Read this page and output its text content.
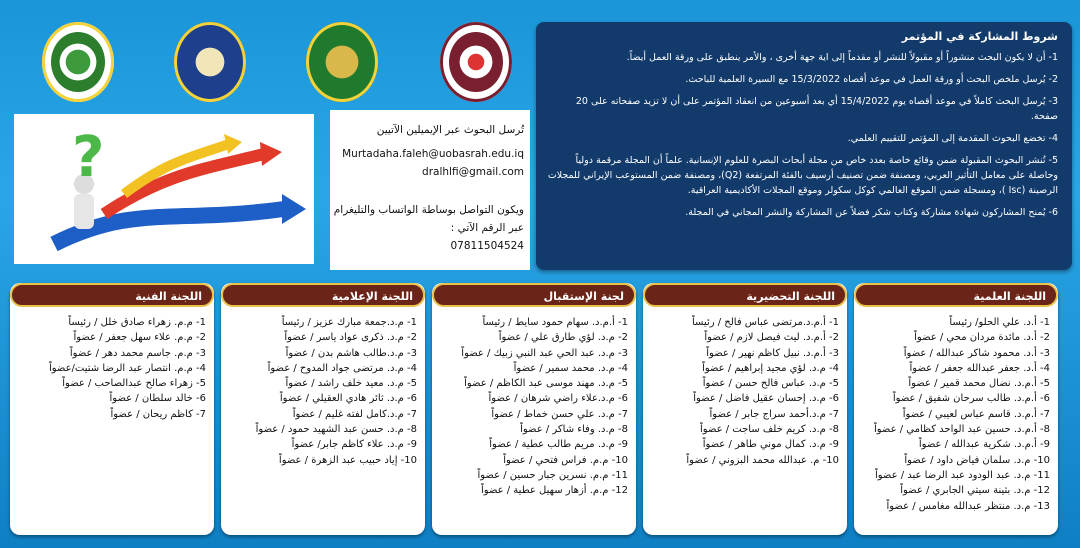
شروط المشاركة في المؤتمر

1- أن لا يكون البحث منشوراً أو مقبولاً للنشر أو مقدماً إلى اية جهة أخرى ، والأمر ينطبق على ورقة العمل أيضاً.

2- يُرسل ملخص البحث أو ورقة العمل في موعد أقصاه 15/3/2022 مع السيرة العلمية للباحث.

3- يُرسل البحث كاملاً في موعد أقصاه يوم 15/4/2022 أي بعد أسبوعين من انعقاد المؤتمر على أن لا تزيد صفحاته على 20 صفحة.

4- تخضع البحوث المقدمة إلى المؤتمر للتقييم العلمي.

5- تُنشر البحوث المقبولة ضمن وقائع خاصة بعدد خاص من مجلة أبحاث البصرة للعلوم الإنسانية. علماً أن المجلة مرقمة دولياً وحاصلة على معامل التأثير العربي، ومصنفة ضمن تصنيف أرسيف بالفئة المرتفعة (Q2)، ومصنفة ضمن المستوعب الإيراني للمجلات الرصينة (Isc )، ومسجلة ضمن الموقع العالمي كوكل سكولر وموقع المجلات الأكاديمية العراقية.

6- يُمنح المشاركون شهادة مشاركة وكتاب شكر فضلاً عن المشاركة والنشر المجاني في المجلة.

?	تُرسل البحوث عبر الإيميلين الآتيين
Murtadaha.faleh@uobasrah.edu.iq
dralhlfi@gmail.com
ويكون التواصل بوساطة الواتساب والتليغرام
عبر الرقم الآتي :
07811504524
اللجنة العلمية
1- أ.د. علي الحلو/ رئيساً
2- أ.د. مائدة مردان محي / عضواً
3- أ.د. محمود شاكر عبدالله / عضواً
4- أ.د. جعفر عبدالله جعفر / عضواً
5- أ.م.د. نضال محمد قمير / عضواً
6- أ.م.د. طالب سرحان شفيق / عضواً
7- أ.م.د. قاسم عباس لعيبي / عضواً
8- أ.م.د. حسين عبد الواحد كظامي / عضواً
9- أ.م.د. شكرية عبدالله / عضواً
10- م.د. سلمان فياض داود / عضواً
11- م.د. عبد الودود عبد الرضا عبد / عضواً
12- م.د. بثينة سيتي الجابري / عضواً
13- م.د. منتظر عبدالله مغامس / عضواً
اللجنة التحضيرية
1- أ.م.د.مرتضى عباس فالح / رئيساً
2- أ.م.د. ليث فيصل لازم / عضواً
3- أ.م.د. نبيل كاظم نهير / عضواً
4- م.د. لؤي مجيد إبراهيم / عضواً
5- م.د. عباس فالح حسن / عضواً
6- م.د. إحسان عقيل فاضل / عضواً
7- م.د.أحمد سراج جابر / عضواً
8- م.د. كريم خلف ساجت / عضواً
9- م.د. كمال موني طاهر / عضواً
10- م. عبدالله محمد البزوني / عضواً
لجنة الإستقبال
1- أ.م.د. سهام حمود سايط / رئيساً
2- م.د. لؤي طارق علي / عضواً
3- م.د. عبد الحي عبد النبي زبيك / عضواً
4- م.د. محمد سمير / عضواً
5- م.د. مهند موسى عبد الكاظم / عضواً
6- م.د.علاء راضي شرهان / عضواً
7- م.د. علي حسن خماط / عضواً
8- م.د. وفاء شاكر / عضواً
9- م.د. مريم طالب عطية / عضواً
10- م.م. فراس فتحي / عضواً
11- م.م. نسرين جبار حسين / عضواً
12- م.م. أزهار سهيل عطية / عضواً
اللجنة الإعلامية
1- م.د.جمعة مبارك عزيز / رئيساً
2- م.د. ذكرى عواد ياسر / عضواً
3- م.د.طالب هاشم بدن / عضواً
4- م.د. مرتضى جواد المدوح / عضواً
5- م.د. معيد خلف راشد / عضواً
6- م.د. ثائر هادي العقيلي / عضواً
7- م.د.كامل لفته غليم / عضواً
8- م.د. حسن عبد الشهيد حمود / عضواً
9- م.د. علاء كاظم جابر/ عضواً
10- إياد حبيب عبد الزهرة / عضواً
اللجنة الفنية
1- م.م. زهراء صادق خلل / رئيساً
2- م.م. علاء سهل جعفر / عضواً
3- م.م. جاسم محمد دهر / عضواً
4- م.م. انتصار عبد الرضا شتيت/عضواً
5- زهراء صالح عبدالصاحب / عضواً
6- خالد سلطان / عضواً
7- كاظم ريحان / عضواً
